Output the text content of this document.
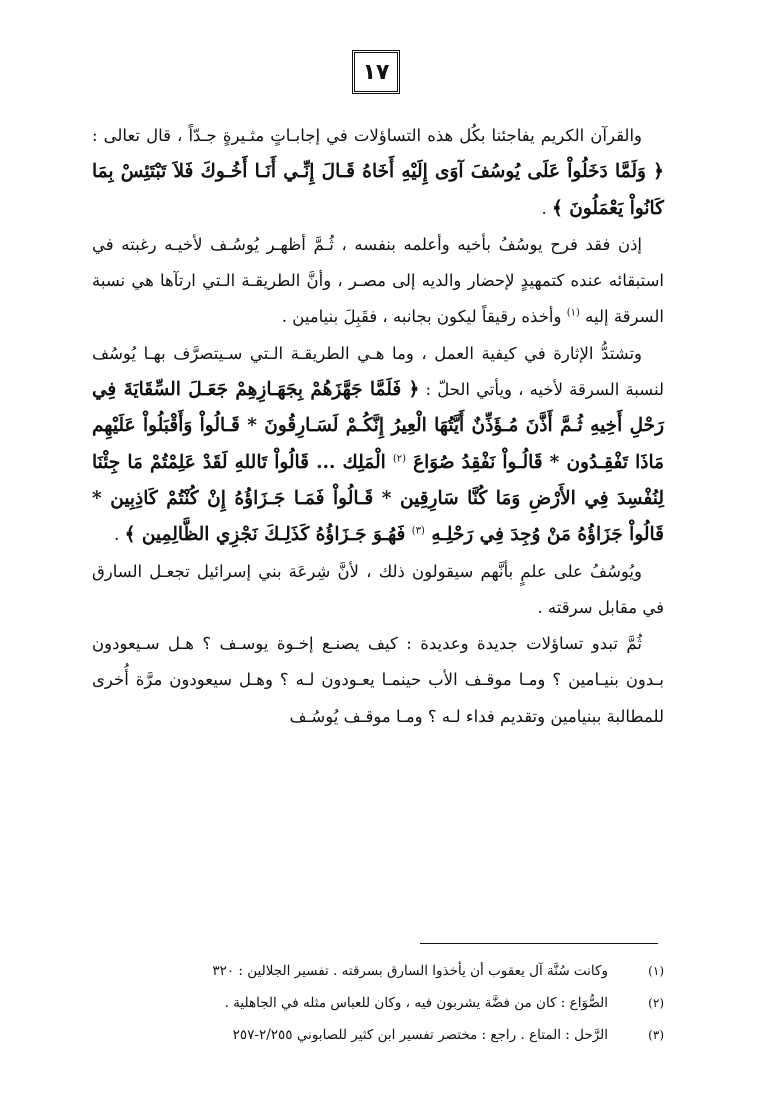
١٧

والقرآن الكريم يفاجئنا بكُل هذه التساؤلات في إجابـاتٍ مثـيرةٍ جـدّاً ، قال تعالى : ﴿ وَلَمَّا دَخَلُواْ عَلَى يُوسُفَ آوَى إِلَيْهِ أَخَاهُ قَـالَ إِنِّـي أَنَـا أَخُـوكَ فَلاَ تَبْتَئِسْ بِمَا كَانُواْ يَعْمَلُونَ ﴾ .

إذن فقد فرح يوسُفُ بأخيه وأعلمه بنفسه ، ثُـمَّ أظهـر يُوسُـف لأخيـه رغبته في استبقائه عنده كتمهيدٍ لإحضار والديه إلى مصـر ، وأنَّ الطريقـة الـتي ارتآها هي نسبة السرقة إليه $^{(١)}$ وأخذه رقيقاً ليكون بجانبه ، فقَبِلَ بنيامين .

وتشتدُّ الإثارة في كيفية العمل ، وما هـي الطريقـة الـتي سـيتصرَّف بهـا يُوسُف لنسبة السرقة لأخيه ، ويأتي الحلّ : ﴿ فَلَمَّا جَهَّزَهُمْ بِجَهَـازِهِمْ جَعَـلَ السِّقَايَةَ فِي رَحْلِ أَخِيهِ ثُـمَّ أَذَّنَ مُـؤَذِّنٌ أَيَّتُهَا الْعِيرُ إِنَّكُـمْ لَسَـارِقُونَ * قَـالُواْ وَأَقْبَلُواْ عَلَيْهِم مَاذَا تَفْقِـدُون * قَالُـواْ نَفْقِدُ صُوَاعَ $^{(٢)}$ الْمَلِك ... قَالُواْ تَاللهِ لَقَدْ عَلِمْتُمْ مَا جِئْنَا لِنُفْسِدَ فِي الأَرْضِ وَمَا كُنَّا سَارِقِين * قَـالُواْ فَمَـا جَـزَاؤُهُ إِنْ كُنْتُمْ كَاذِبِين * قَالُواْ جَزَاؤُهُ مَنْ وُجِدَ فِي رَحْلِـهِ $^{(٣)}$ فَهُـوَ جَـزَاؤُهُ كَذَلِـكَ نَجْزِي الظَّالِمِين ﴾ .

ويُوسُفُ على علمٍ بأنَّهم سيقولون ذلك ، لأنَّ شِرعَة بني إسرائيل تجعـل السارق في مقابل سرقته .

ثُمَّ تبدو تساؤلات جديدة وعديدة : كيف يصنـع إخـوة يوسـف ؟ هـل سـيعودون بـدون بنيـامين ؟ ومـا موقـف الأب حينمـا يعـودون لـه ؟ وهـل سيعودون مرَّة أُخرى للمطالبة ببنيامين وتقديم فداء لـه ؟ ومـا موقـف يُوسُـف

(١)
وكانت سُنَّة آل يعقوب أن يأخذوا السارق بسرقته . تفسير الجلالين : ٣٢٠
(٢)
الصُّوَاع : كان من فضَّة يشربون فيه ، وكان للعباس مثله في الجاهلية .
(٣)
الرَّحل : المتاع . راجع : مختصر تفسير ابن كثير للصابوني ٢/٢٥٥-٢٥٧
